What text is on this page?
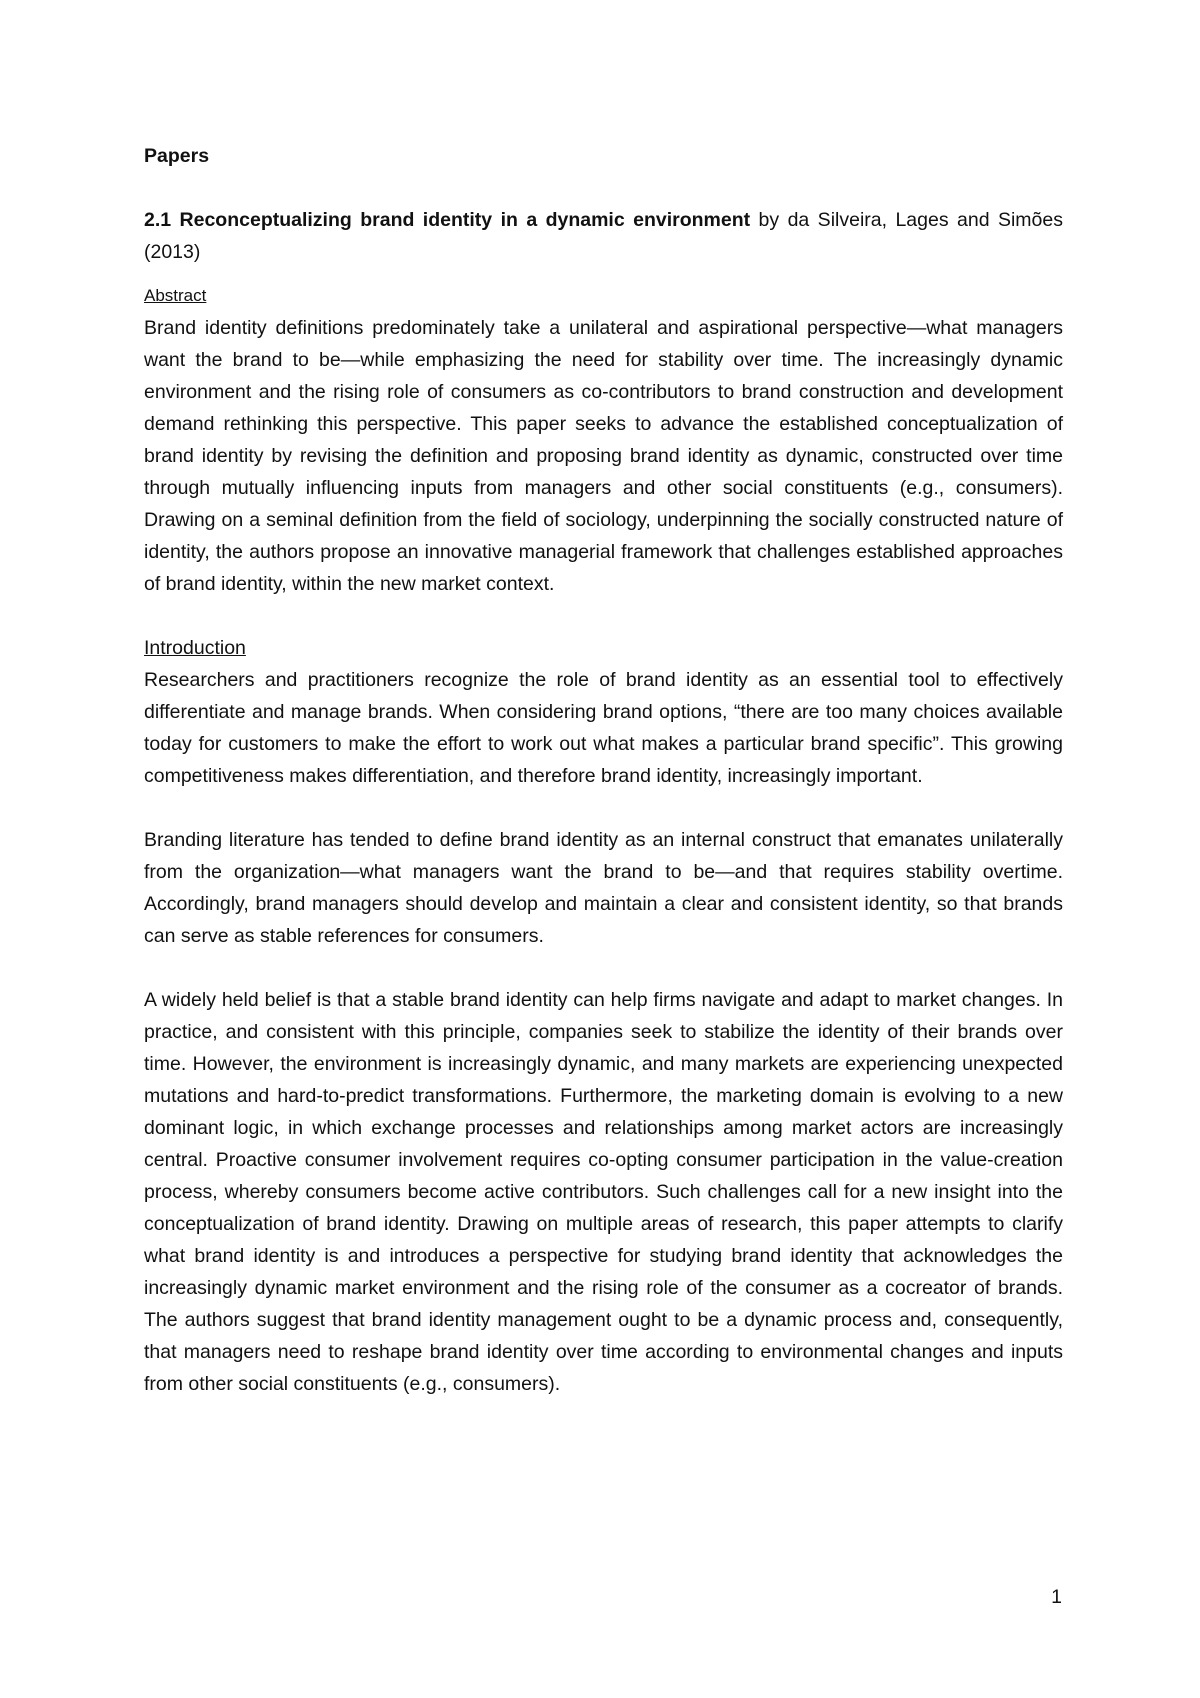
Papers

2.1 Reconceptualizing brand identity in a dynamic environment by da Silveira, Lages and Simões (2013)

Abstract

Brand identity definitions predominately take a unilateral and aspirational perspective—what managers want the brand to be—while emphasizing the need for stability over time. The increasingly dynamic environment and the rising role of consumers as co-contributors to brand construction and development demand rethinking this perspective. This paper seeks to advance the established conceptualization of brand identity by revising the definition and proposing brand identity as dynamic, constructed over time through mutually influencing inputs from managers and other social constituents (e.g., consumers). Drawing on a seminal definition from the field of sociology, underpinning the socially constructed nature of identity, the authors propose an innovative managerial framework that challenges established approaches of brand identity, within the new market context.

Introduction

Researchers and practitioners recognize the role of brand identity as an essential tool to effectively differentiate and manage brands. When considering brand options, “there are too many choices available today for customers to make the effort to work out what makes a particular brand specific”. This growing competitiveness makes differentiation, and therefore brand identity, increasingly important.

Branding literature has tended to define brand identity as an internal construct that emanates unilaterally from the organization—what managers want the brand to be—and that requires stability overtime. Accordingly, brand managers should develop and maintain a clear and consistent identity, so that brands can serve as stable references for consumers.

A widely held belief is that a stable brand identity can help firms navigate and adapt to market changes. In practice, and consistent with this principle, companies seek to stabilize the identity of their brands over time. However, the environment is increasingly dynamic, and many markets are experiencing unexpected mutations and hard-to-predict transformations. Furthermore, the marketing domain is evolving to a new dominant logic, in which exchange processes and relationships among market actors are increasingly central. Proactive consumer involvement requires co-opting consumer participation in the value-creation process, whereby consumers become active contributors. Such challenges call for a new insight into the conceptualization of brand identity. Drawing on multiple areas of research, this paper attempts to clarify what brand identity is and introduces a perspective for studying brand identity that acknowledges the increasingly dynamic market environment and the rising role of the consumer as a cocreator of brands. The authors suggest that brand identity management ought to be a dynamic process and, consequently, that managers need to reshape brand identity over time according to environmental changes and inputs from other social constituents (e.g., consumers).

1
